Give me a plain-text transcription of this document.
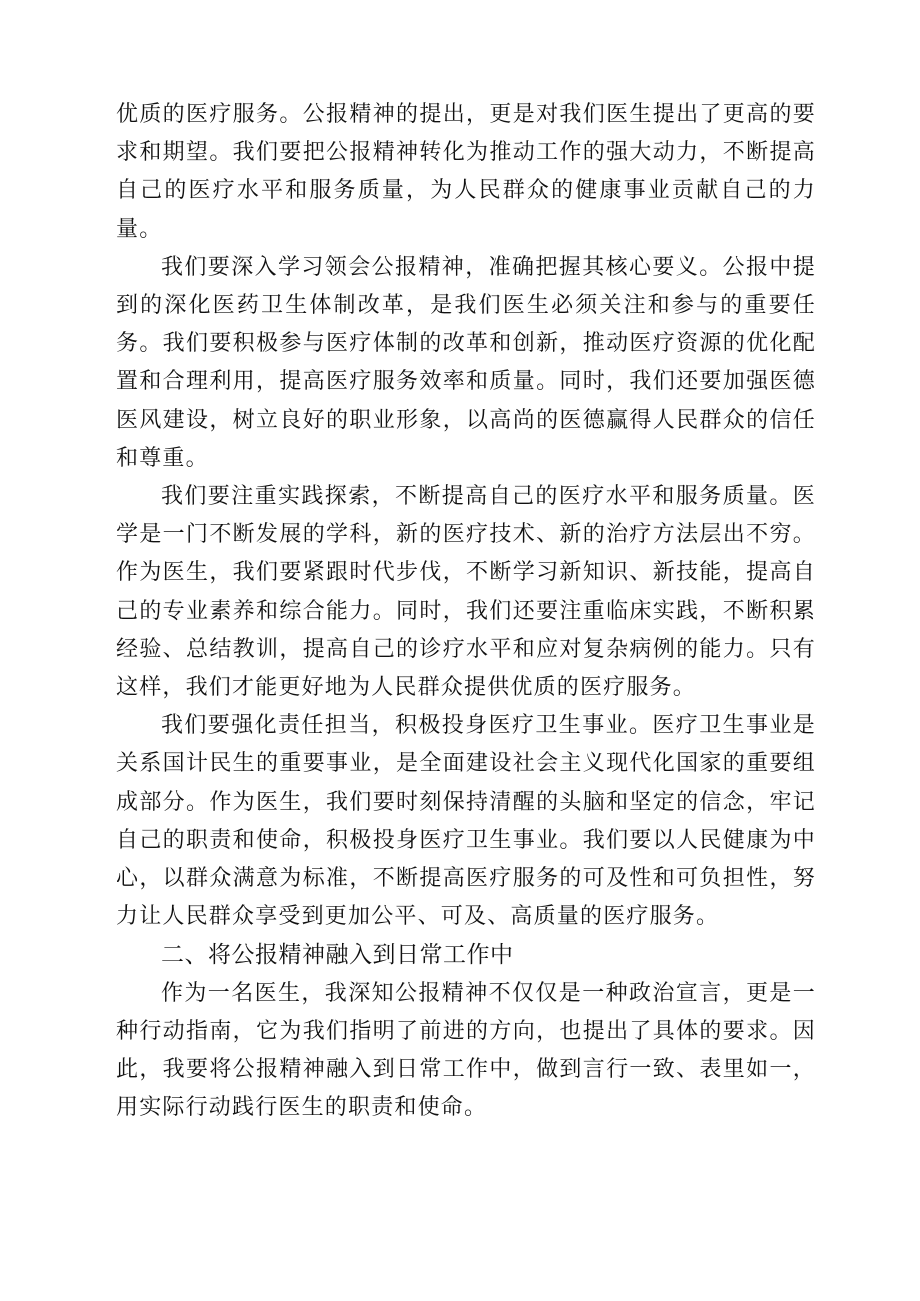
优质的医疗服务。公报精神的提出，更是对我们医生提出了更高的要求和期望。我们要把公报精神转化为推动工作的强大动力，不断提高自己的医疗水平和服务质量，为人民群众的健康事业贡献自己的力量。

我们要深入学习领会公报精神，准确把握其核心要义。公报中提到的深化医药卫生体制改革，是我们医生必须关注和参与的重要任务。我们要积极参与医疗体制的改革和创新，推动医疗资源的优化配置和合理利用，提高医疗服务效率和质量。同时，我们还要加强医德医风建设，树立良好的职业形象，以高尚的医德赢得人民群众的信任和尊重。

我们要注重实践探索，不断提高自己的医疗水平和服务质量。医学是一门不断发展的学科，新的医疗技术、新的治疗方法层出不穷。作为医生，我们要紧跟时代步伐，不断学习新知识、新技能，提高自己的专业素养和综合能力。同时，我们还要注重临床实践，不断积累经验、总结教训，提高自己的诊疗水平和应对复杂病例的能力。只有这样，我们才能更好地为人民群众提供优质的医疗服务。

我们要强化责任担当，积极投身医疗卫生事业。医疗卫生事业是关系国计民生的重要事业，是全面建设社会主义现代化国家的重要组成部分。作为医生，我们要时刻保持清醒的头脑和坚定的信念，牢记自己的职责和使命，积极投身医疗卫生事业。我们要以人民健康为中心，以群众满意为标准，不断提高医疗服务的可及性和可负担性，努力让人民群众享受到更加公平、可及、高质量的医疗服务。

二、将公报精神融入到日常工作中

作为一名医生，我深知公报精神不仅仅是一种政治宣言，更是一种行动指南，它为我们指明了前进的方向，也提出了具体的要求。因此，我要将公报精神融入到日常工作中，做到言行一致、表里如一，用实际行动践行医生的职责和使命。
